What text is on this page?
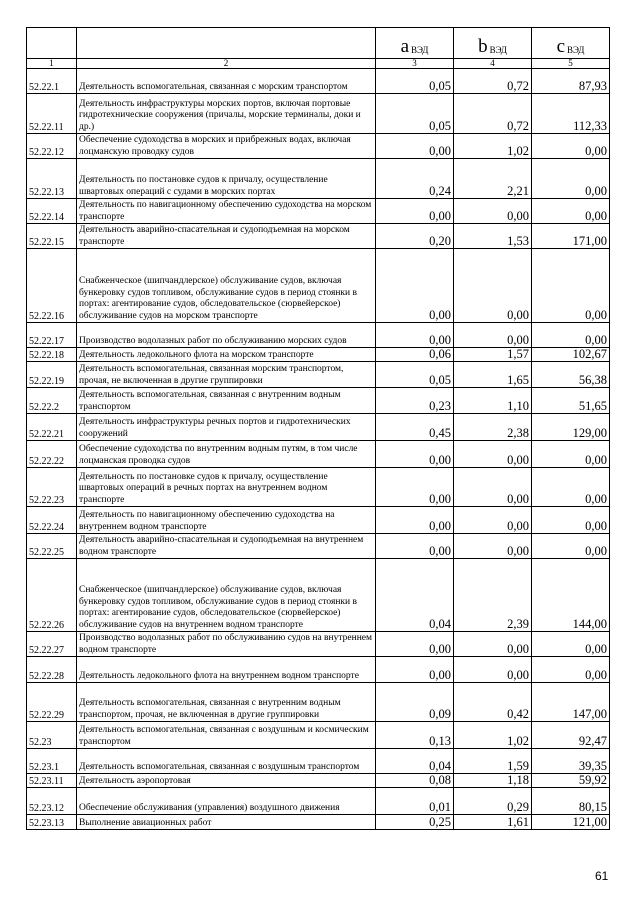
		a ВЭД	b ВЭД	c ВЭД
1	2	3	4	5
52.22.1	Деятельность вспомогательная, связанная с морским транспортом	0,05	0,72	87,93
52.22.11	Деятельность инфраструктуры морских портов, включая портовые гидротехнические сооружения (причалы, морские терминалы, доки и др.)	0,05	0,72	112,33
52.22.12	Обеспечение судоходства в морских и прибрежных водах, включая лоцманскую проводку судов	0,00	1,02	0,00
52.22.13	Деятельность по постановке судов к причалу, осуществление швартовых операций с судами в морских портах	0,24	2,21	0,00
52.22.14	Деятельность по навигационному обеспечению судоходства на морском транспорте	0,00	0,00	0,00
52.22.15	Деятельность аварийно-спасательная и судоподъемная на морском транспорте	0,20	1,53	171,00
52.22.16	Снабженческое (шипчандлерское) обслуживание судов, включая бункеровку судов топливом, обслуживание судов в период стоянки в портах: агентирование судов, обследовательское (сюрвейерское) обслуживание судов на морском транспорте	0,00	0,00	0,00
52.22.17	Производство водолазных работ по обслуживанию морских судов	0,00	0,00	0,00
52.22.18	Деятельность ледокольного флота на морском транспорте	0,06	1,57	102,67
52.22.19	Деятельность вспомогательная, связанная морским транспортом, прочая, не включенная в другие группировки	0,05	1,65	56,38
52.22.2	Деятельность вспомогательная, связанная с внутренним водным транспортом	0,23	1,10	51,65
52.22.21	Деятельность инфраструктуры речных портов и гидротехнических сооружений	0,45	2,38	129,00
52.22.22	Обеспечение судоходства по внутренним водным путям, в том числе лоцманская проводка судов	0,00	0,00	0,00
52.22.23	Деятельность по постановке судов к причалу, осуществление швартовых операций в речных портах на внутреннем водном транспорте	0,00	0,00	0,00
52.22.24	Деятельность по навигационному обеспечению судоходства на внутреннем водном транспорте	0,00	0,00	0,00
52.22.25	Деятельность аварийно-спасательная и судоподъемная на внутреннем водном транспорте	0,00	0,00	0,00
52.22.26	Снабженческое (шипчандлерское) обслуживание судов, включая бункеровку судов топливом, обслуживание судов в период стоянки в портах: агентирование судов, обследовательское (сюрвейерское) обслуживание судов на внутреннем водном транспорте	0,04	2,39	144,00
52.22.27	Производство водолазных работ по обслуживанию судов на внутреннем водном транспорте	0,00	0,00	0,00
52.22.28	Деятельность ледокольного флота на внутреннем водном транспорте	0,00	0,00	0,00
52.22.29	Деятельность вспомогательная, связанная с внутренним водным транспортом, прочая, не включенная в другие группировки	0,09	0,42	147,00
52.23	Деятельность вспомогательная, связанная с воздушным и космическим транспортом	0,13	1,02	92,47
52.23.1	Деятельность вспомогательная, связанная с воздушным транспортом	0,04	1,59	39,35
52.23.11	Деятельность аэропортовая	0,08	1,18	59,92
52.23.12	Обеспечение обслуживания (управления) воздушного движения	0,01	0,29	80,15
52.23.13	Выполнение авиационных работ	0,25	1,61	121,00
61
